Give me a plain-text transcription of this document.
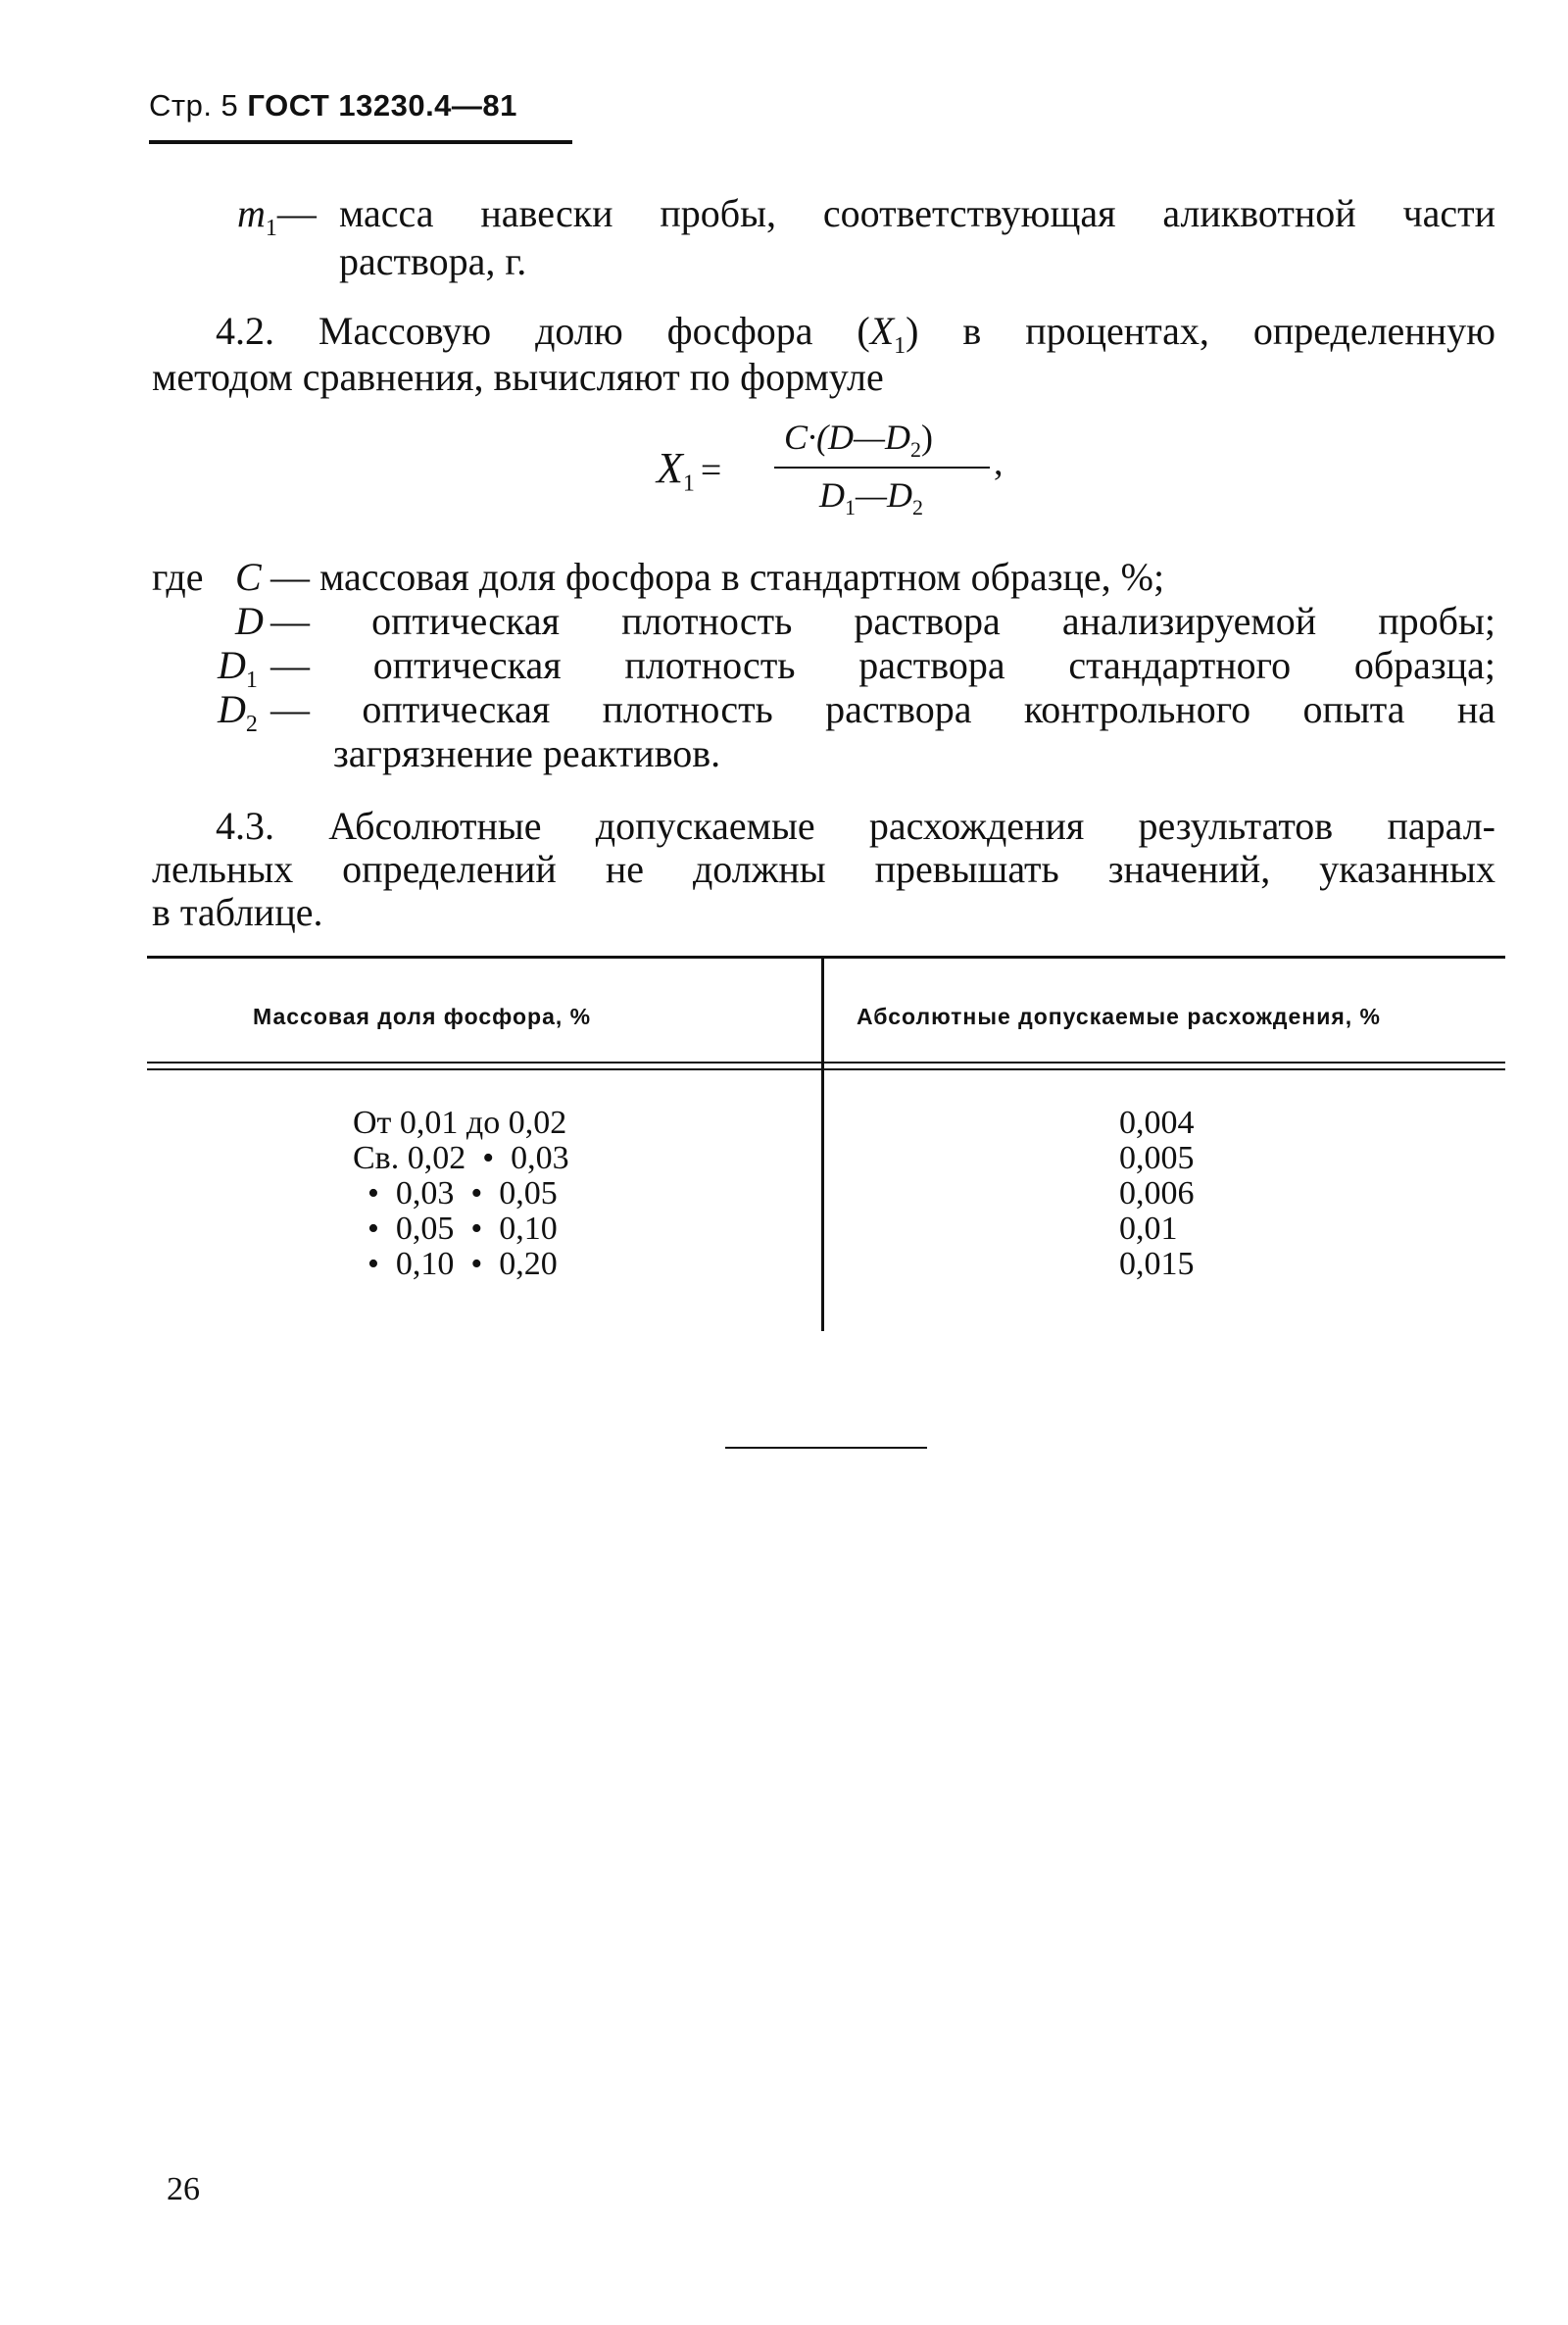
Стр. 5 ГОСТ 13230.4—81
$m_1—$ масса навески пробы, соответствующая аликвотной части
раствора, г.
4.2. Массовую долю фосфора $(X_1)$ в процентах, определенную
методом сравнения, вычисляют по формуле
$X_1$ =
$C\cdot(D—D_2)$
$D_1—D_2$
,
где C — массовая доля фосфора в стандартном образце, %;
D — оптическая плотность раствора анализируемой пробы;
$D_1$ — оптическая плотность раствора стандартного образца;
$D_2$ — оптическая плотность раствора контрольного опыта на
загрязнение реактивов.
4.3. Абсолютные допускаемые расхождения результатов парал-
лельных определений не должны превышать значений, указанных
в таблице.
Массовая доля фосфора, %	Абсолютные допускаемые расхождения, %
От 0,01 до 0,02
Св. 0,02  •  0,03
•  0,03  •  0,05
•  0,05  •  0,10
•  0,10  •  0,20
0,004
0,005
0,006
0,01
0,015
26
